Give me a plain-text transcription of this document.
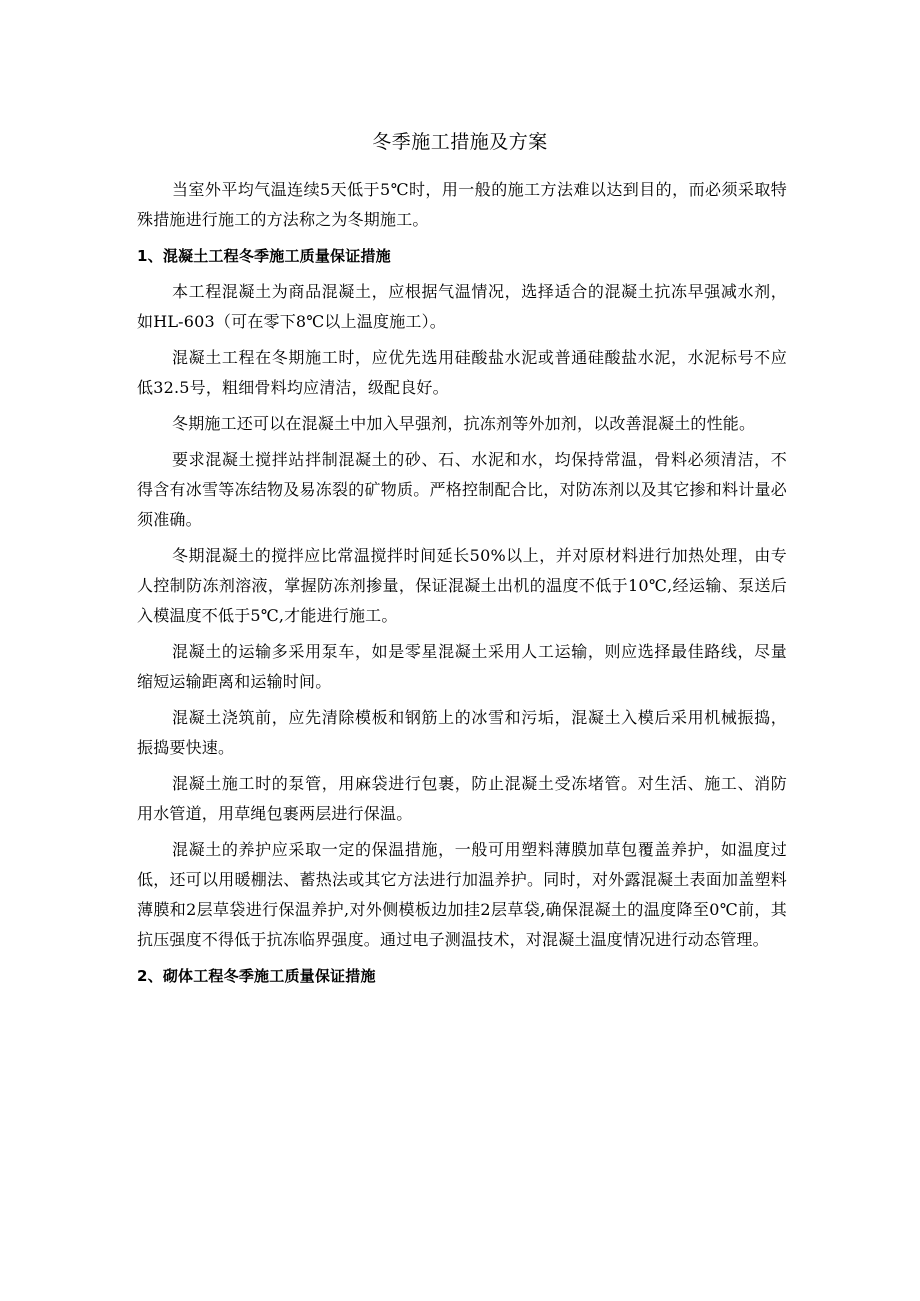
冬季施工措施及方案

当室外平均气温连续5天低于5℃时，用一般的施工方法难以达到目的，而必须采取特殊措施进行施工的方法称之为冬期施工。

1、混凝土工程冬季施工质量保证措施

本工程混凝土为商品混凝土，应根据气温情况，选择适合的混凝土抗冻早强减水剂，如HL-603（可在零下8℃以上温度施工）。

混凝土工程在冬期施工时，应优先选用硅酸盐水泥或普通硅酸盐水泥，水泥标号不应低32.5号，粗细骨料均应清洁，级配良好。

冬期施工还可以在混凝土中加入早强剂，抗冻剂等外加剂，以改善混凝土的性能。

要求混凝土搅拌站拌制混凝土的砂、石、水泥和水，均保持常温，骨料必须清洁，不得含有冰雪等冻结物及易冻裂的矿物质。严格控制配合比，对防冻剂以及其它掺和料计量必须准确。

冬期混凝土的搅拌应比常温搅拌时间延长50%以上，并对原材料进行加热处理，由专人控制防冻剂溶液，掌握防冻剂掺量，保证混凝土出机的温度不低于10℃,经运输、泵送后入模温度不低于5℃,才能进行施工。

混凝土的运输多采用泵车，如是零星混凝土采用人工运输，则应选择最佳路线，尽量缩短运输距离和运输时间。

混凝土浇筑前，应先清除模板和钢筋上的冰雪和污垢，混凝土入模后采用机械振捣，振捣要快速。

混凝土施工时的泵管，用麻袋进行包裹，防止混凝土受冻堵管。对生活、施工、消防用水管道，用草绳包裹两层进行保温。

混凝土的养护应采取一定的保温措施，一般可用塑料薄膜加草包覆盖养护，如温度过低，还可以用暖棚法、蓄热法或其它方法进行加温养护。同时，对外露混凝土表面加盖塑料薄膜和2层草袋进行保温养护,对外侧模板边加挂2层草袋,确保混凝土的温度降至0℃前，其抗压强度不得低于抗冻临界强度。通过电子测温技术，对混凝土温度情况进行动态管理。

2、砌体工程冬季施工质量保证措施
